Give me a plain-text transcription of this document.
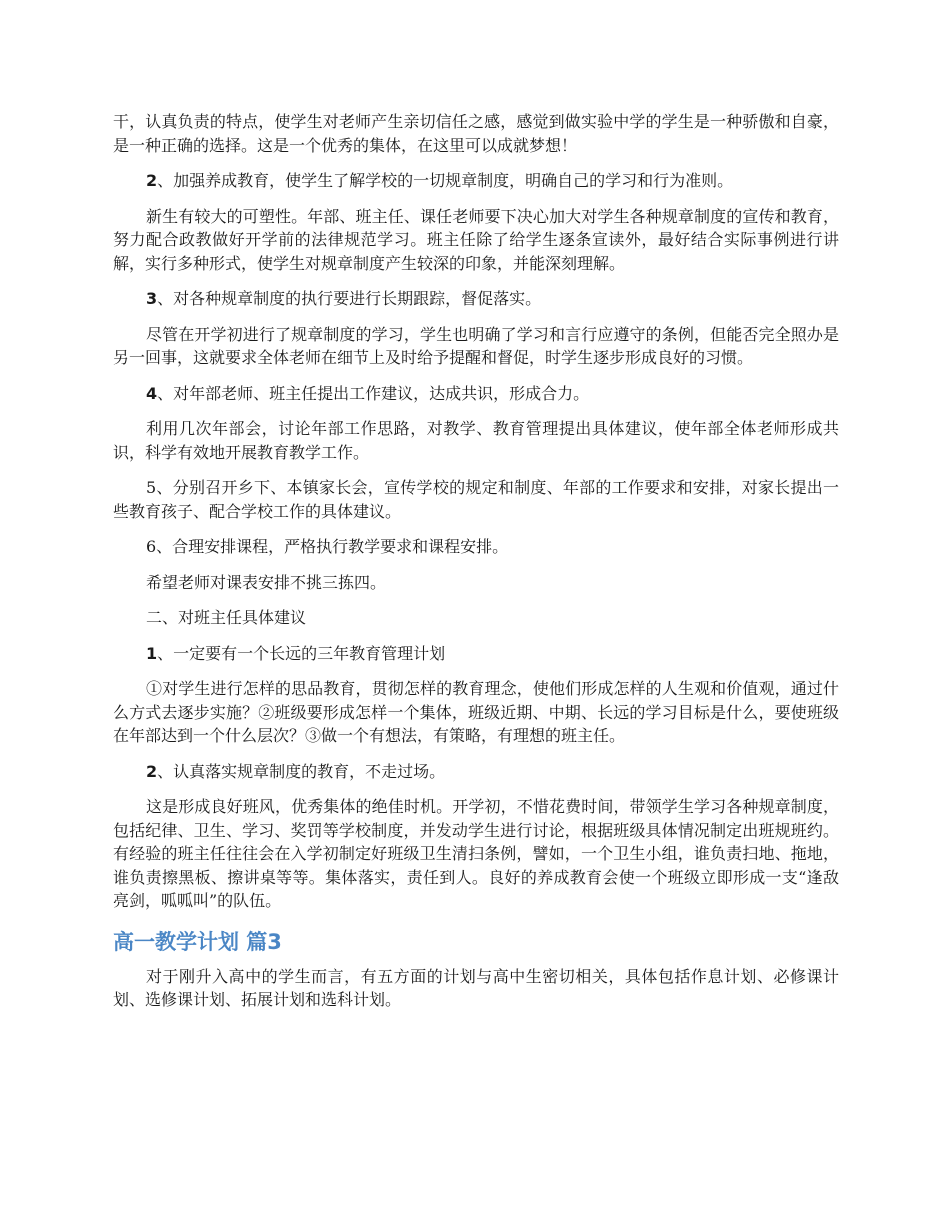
干，认真负责的特点，使学生对老师产生亲切信任之感，感觉到做实验中学的学生是一种骄傲和自豪，是一种正确的选择。这是一个优秀的集体，在这里可以成就梦想！

2、加强养成教育，使学生了解学校的一切规章制度，明确自己的学习和行为准则。

新生有较大的可塑性。年部、班主任、课任老师要下决心加大对学生各种规章制度的宣传和教育，努力配合政教做好开学前的法律规范学习。班主任除了给学生逐条宣读外，最好结合实际事例进行讲解，实行多种形式，使学生对规章制度产生较深的印象，并能深刻理解。

3、对各种规章制度的执行要进行长期跟踪，督促落实。

尽管在开学初进行了规章制度的学习，学生也明确了学习和言行应遵守的条例，但能否完全照办是另一回事，这就要求全体老师在细节上及时给予提醒和督促，时学生逐步形成良好的习惯。

4、对年部老师、班主任提出工作建议，达成共识，形成合力。

利用几次年部会，讨论年部工作思路，对教学、教育管理提出具体建议，使年部全体老师形成共识，科学有效地开展教育教学工作。

5、分别召开乡下、本镇家长会，宣传学校的规定和制度、年部的工作要求和安排，对家长提出一些教育孩子、配合学校工作的具体建议。

6、合理安排课程，严格执行教学要求和课程安排。

希望老师对课表安排不挑三拣四。

二、对班主任具体建议

1、一定要有一个长远的三年教育管理计划

①对学生进行怎样的思品教育，贯彻怎样的教育理念，使他们形成怎样的人生观和价值观，通过什么方式去逐步实施？②班级要形成怎样一个集体，班级近期、中期、长远的学习目标是什么，要使班级在年部达到一个什么层次？③做一个有想法，有策略，有理想的班主任。

2、认真落实规章制度的教育，不走过场。

这是形成良好班风，优秀集体的绝佳时机。开学初，不惜花费时间，带领学生学习各种规章制度，包括纪律、卫生、学习、奖罚等学校制度，并发动学生进行讨论，根据班级具体情况制定出班规班约。有经验的班主任往往会在入学初制定好班级卫生清扫条例，譬如，一个卫生小组，谁负责扫地、拖地，谁负责擦黑板、擦讲桌等等。集体落实，责任到人。良好的养成教育会使一个班级立即形成一支“逢敌亮剑，呱呱叫”的队伍。

高一教学计划 篇3

对于刚升入高中的学生而言，有五方面的计划与高中生密切相关，具体包括作息计划、必修课计划、选修课计划、拓展计划和选科计划。
